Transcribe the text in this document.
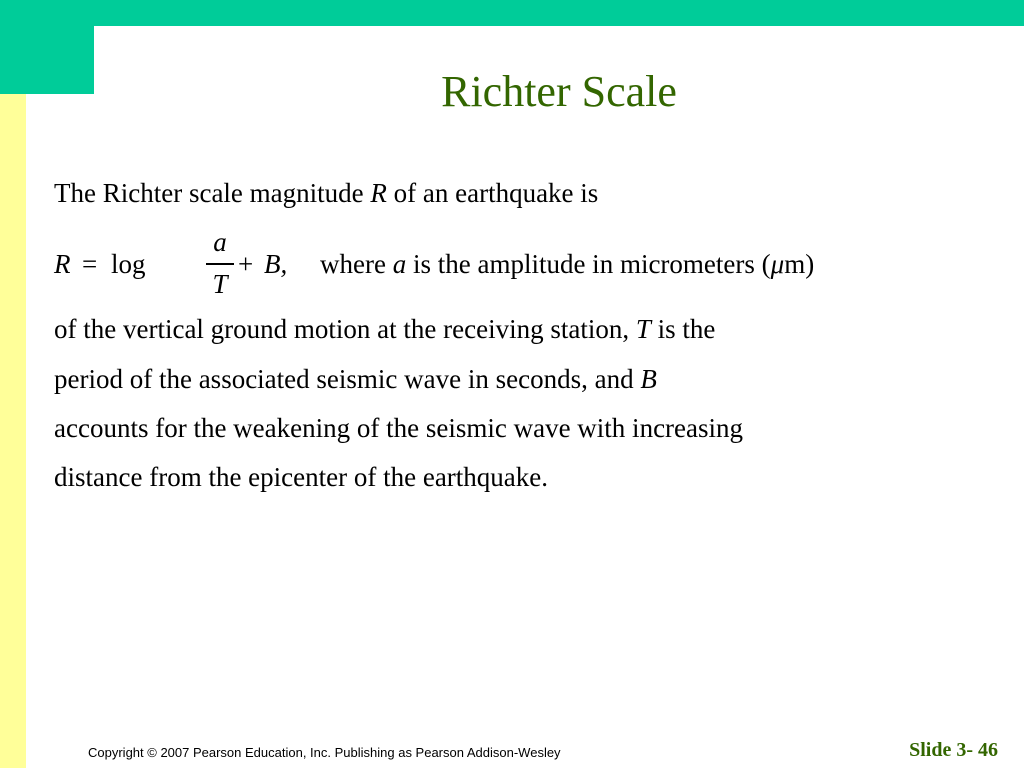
Richter Scale
The Richter scale magnitude R of an earthquake is
R = log
a
T
+ B, where a is the amplitude in micrometers (μm)
of the vertical ground motion at the receiving station, T is the
period of the associated seismic wave in seconds, and B
accounts for the weakening of the seismic wave with increasing
distance from the epicenter of the earthquake.
Copyright © 2007 Pearson Education, Inc. Publishing as Pearson Addison-Wesley	Slide 3- 46
